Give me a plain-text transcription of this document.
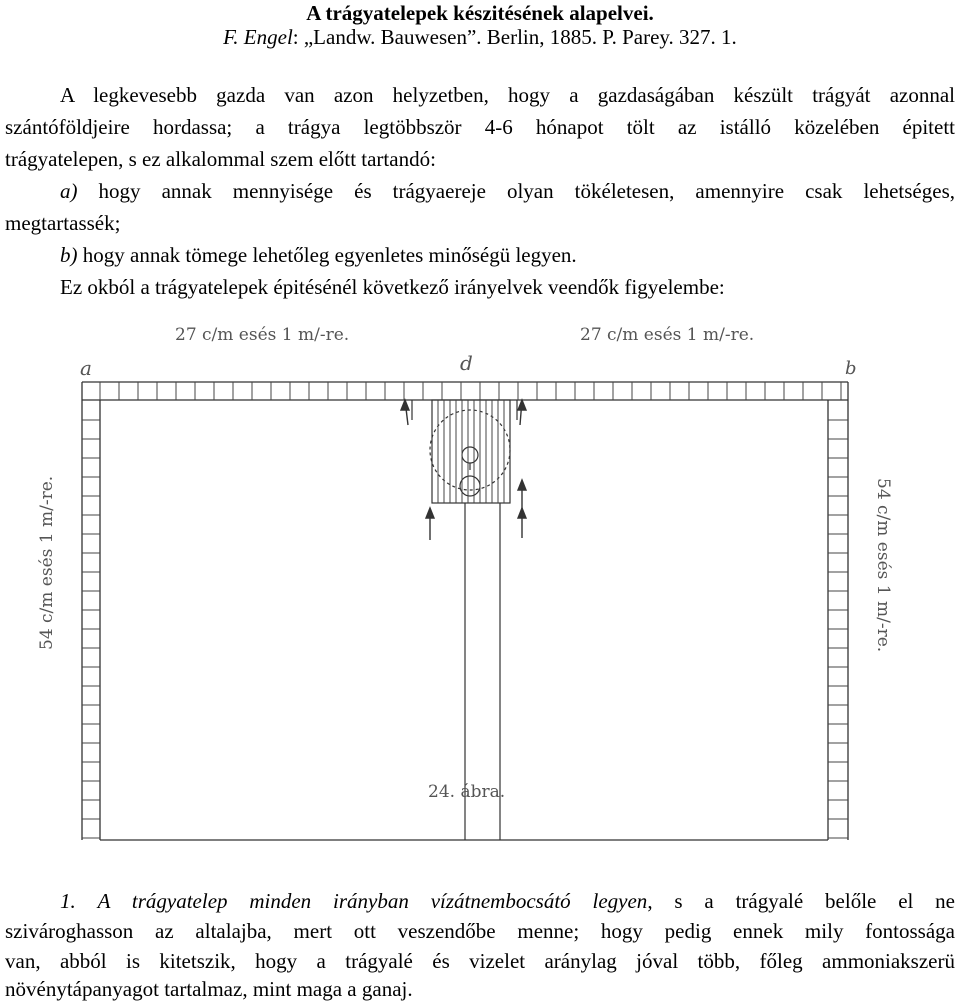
A trágyatelepek készitésének alapelvei.
F. Engel: „Landw. Bauwesen”. Berlin, 1885. P. Parey. 327. 1.
A legkevesebb gazda van azon helyzetben, hogy a gazdaságában készült trágyát azonnal
szántóföldjeire hordassa; a trágya legtöbbször 4-6 hónapot tölt az istálló közelében épitett
trágyatelepen, s ez alkalommal szem előtt tartandó:
a) hogy annak mennyisége és trágyaereje olyan tökéletesen, amennyire csak lehetséges,
megtartassék;
b) hogy annak tömege lehetőleg egyenletes minőségü legyen.
Ez okból a trágyatelepek épitésénél következő irányelvek veendők figyelembe:
27 c/m esés 1 m/-re.	27 c/m esés 1 m/-re.
a	d	b
54 c/m esés 1 m/-re.	54 c/m esés 1 m/-re.
24. ábra.
1. A trágyatelep minden irányban vízátnembocsátó legyen, s a trágyalé belőle el ne
szivároghasson az altalajba, mert ott veszendőbe menne; hogy pedig ennek mily fontossága
van, abból is kitetszik, hogy a trágyalé és vizelet aránylag jóval több, főleg ammoniakszerü
növénytápanyagot tartalmaz, mint maga a ganaj.
